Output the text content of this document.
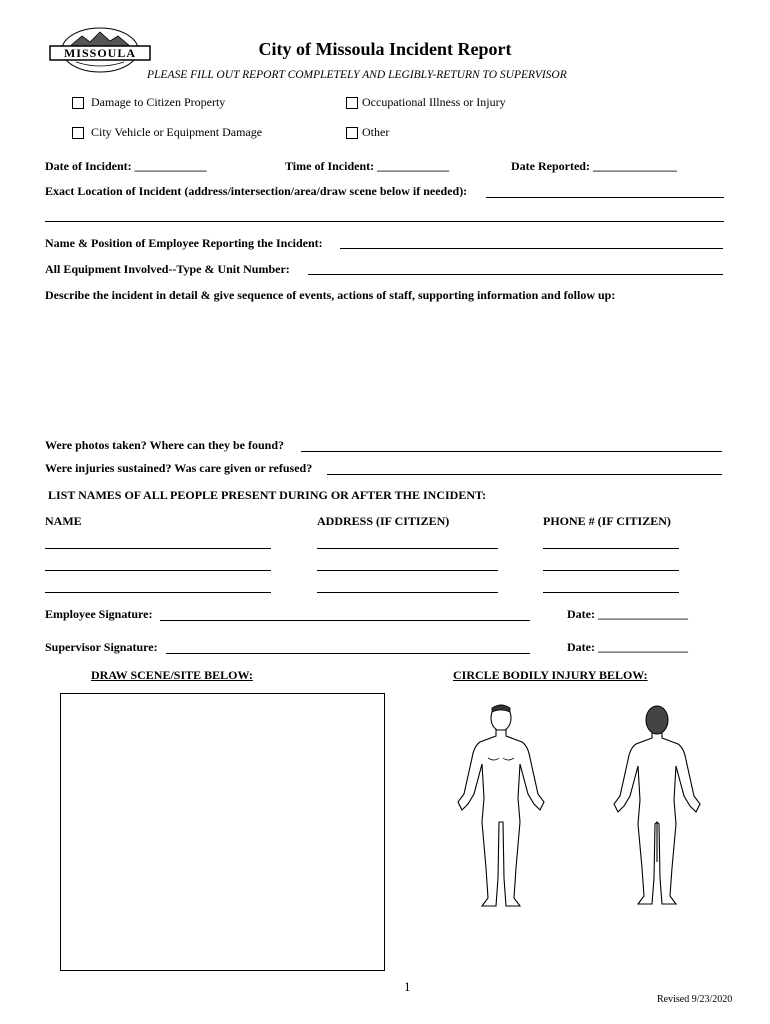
MISSOULA	City of Missoula Incident Report
PLEASE FILL OUT REPORT COMPLETELY AND LEGIBLY-RETURN TO SUPERVISOR
Damage to Citizen Property	Occupational Illness or Injury
City Vehicle or Equipment Damage	Other
Date of Incident: ____________	Time of Incident: ____________	Date Reported: ______________
Exact Location of Incident (address/intersection/area/draw scene below if needed):
Name & Position of Employee Reporting the Incident:
All Equipment Involved--Type & Unit Number:
Describe the incident in detail & give sequence of events, actions of staff, supporting information and follow up:
Were photos taken? Where can they be found?
Were injuries sustained? Was care given or refused?
LIST NAMES OF ALL PEOPLE PRESENT DURING OR AFTER THE INCIDENT:
NAME	ADDRESS (IF CITIZEN)	PHONE # (IF CITIZEN)
Employee Signature:	Date: _______________
Supervisor Signature:	Date: _______________
DRAW SCENE/SITE BELOW:	CIRCLE BODILY INJURY BELOW:
1
Revised 9/23/2020
